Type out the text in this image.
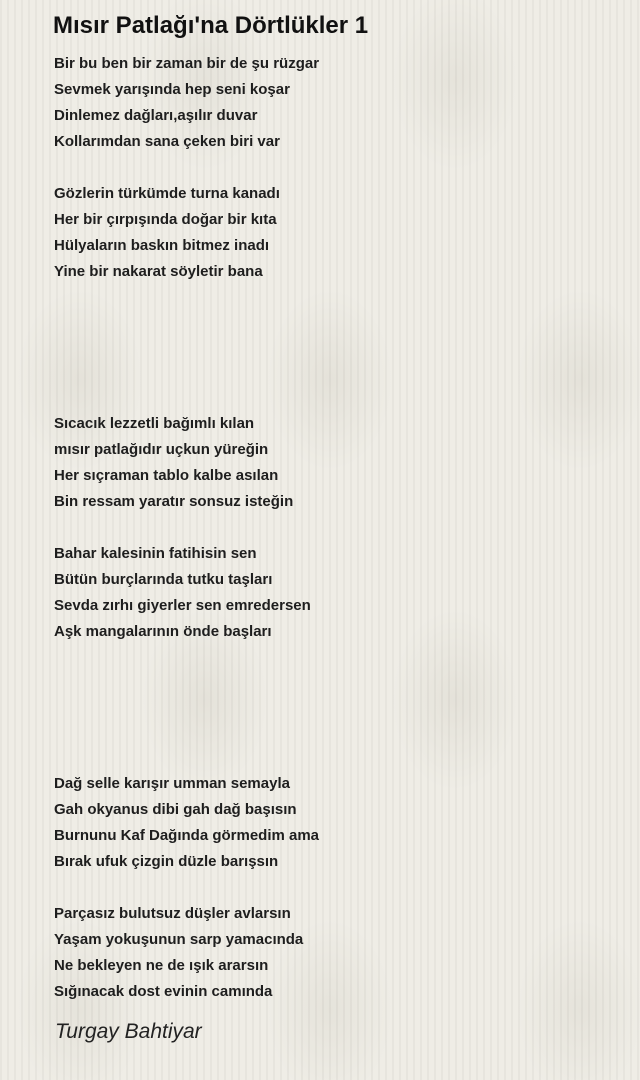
Mısır Patlağı'na Dörtlükler 1
Bir bu ben bir zaman bir de şu rüzgar
Sevmek yarışında hep seni koşar
Dinlemez dağları,aşılır duvar
Kollarımdan sana çeken biri var
Gözlerin türkümde turna kanadı
Her bir çırpışında doğar bir kıta
Hülyaların baskın bitmez inadı
Yine bir nakarat söyletir bana
Sıcacık lezzetli bağımlı kılan
mısır patlağıdır uçkun yüreğin
Her sıçraman tablo kalbe asılan
Bin ressam yaratır sonsuz isteğin
Bahar kalesinin fatihisin sen
Bütün burçlarında tutku taşları
Sevda zırhı giyerler sen emredersen
Aşk mangalarının önde başları
Dağ selle karışır umman semayla
Gah okyanus dibi gah dağ başısın
Burnunu Kaf Dağında görmedim ama
Bırak ufuk çizgin düzle barışsın
Parçasız bulutsuz düşler avlarsın
Yaşam yokuşunun sarp yamacında
Ne bekleyen ne de ışık ararsın
Sığınacak dost evinin camında

Turgay Bahtiyar
